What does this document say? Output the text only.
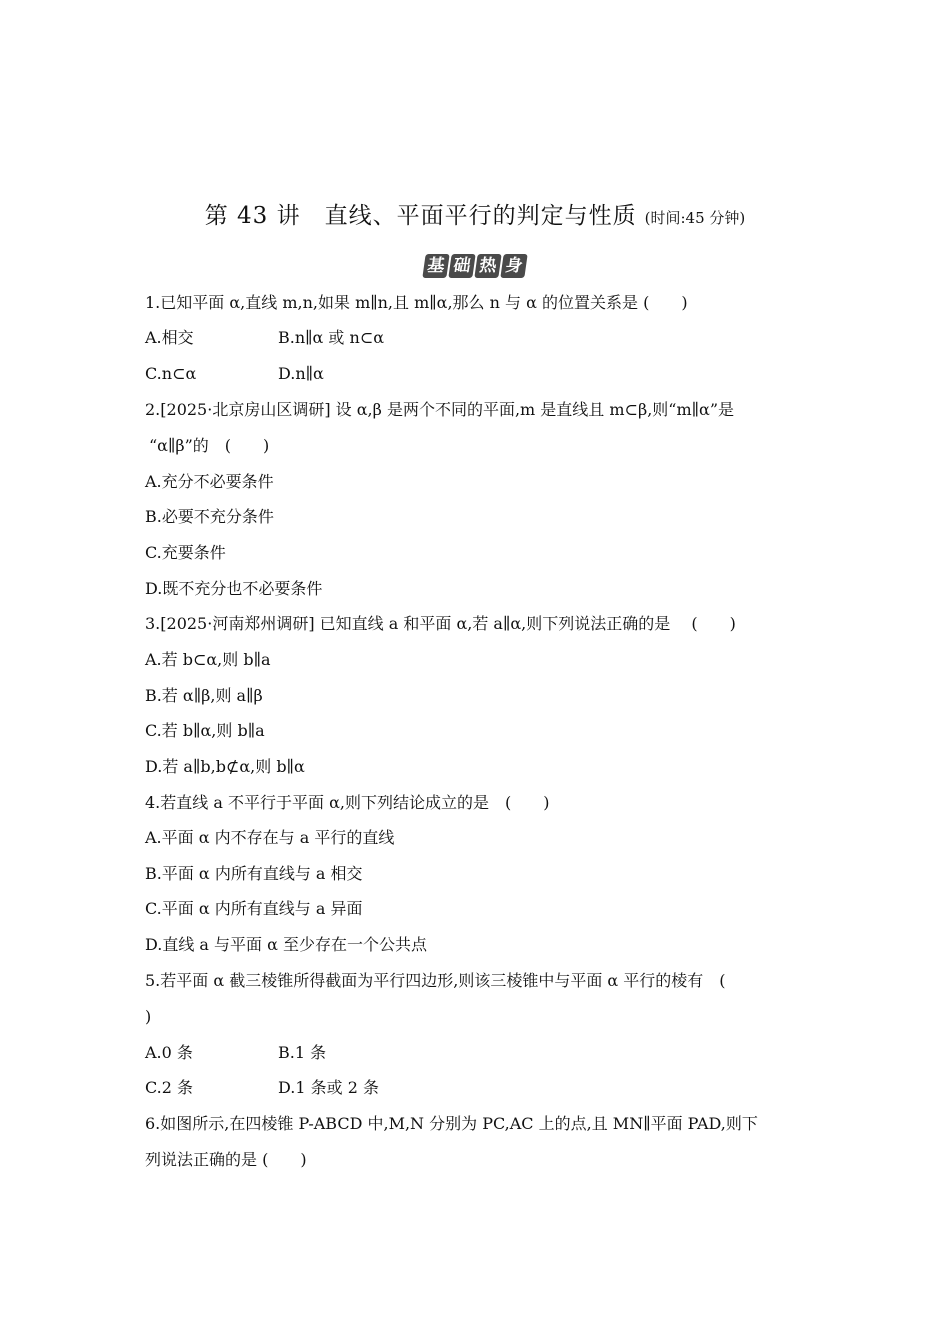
第 43 讲　直线、平面平行的判定与性质 (时间:45 分钟)
基 础 热 身
1.已知平面 α,直线 m,n,如果 m∥n,且 m∥α,那么 n 与 α 的位置关系是 (　　)
A.相交	B.n∥α 或 n⊂α
C.n⊂α	D.n∥α
2.[2025·北京房山区调研] 设 α,β 是两个不同的平面,m 是直线且 m⊂β,则“m∥α”是
“α∥β”的　(　　)
A.充分不必要条件
B.必要不充分条件
C.充要条件
D.既不充分也不必要条件
3.[2025·河南郑州调研] 已知直线 a 和平面 α,若 a∥α,则下列说法正确的是　 (　　)
A.若 b⊂α,则 b∥a
B.若 α∥β,则 a∥β
C.若 b∥α,则 b∥a
D.若 a∥b,b⊄α,则 b∥α
4.若直线 a 不平行于平面 α,则下列结论成立的是　(　　)
A.平面 α 内不存在与 a 平行的直线
B.平面 α 内所有直线与 a 相交
C.平面 α 内所有直线与 a 异面
D.直线 a 与平面 α 至少存在一个公共点
5.若平面 α 截三棱锥所得截面为平行四边形,则该三棱锥中与平面 α 平行的棱有　(
)
A.0 条	B.1 条
C.2 条	D.1 条或 2 条
6.如图所示,在四棱锥 P-ABCD 中,M,N 分别为 PC,AC 上的点,且 MN∥平面 PAD,则下
列说法正确的是 (　　)
